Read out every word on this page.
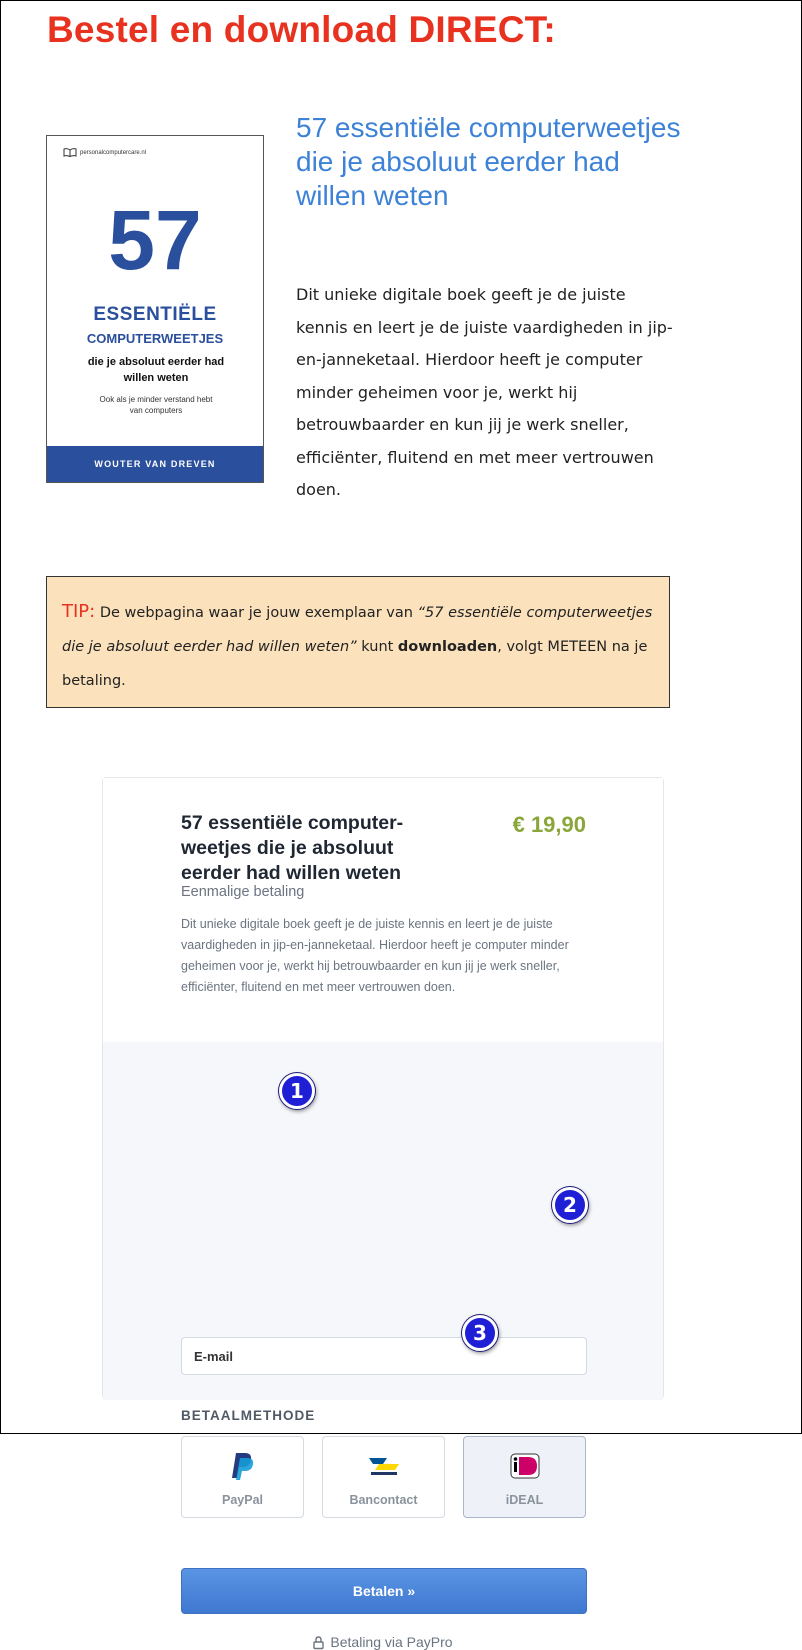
Bestel en download DIRECT:
personalcomputercare.nl
57
ESSENTIËLE
COMPUTERWEETJES
die je absoluut eerder had willen weten
Ook als je minder verstand hebt van computers
WOUTER VAN DREVEN
57 essentiële computerweetjes die je absoluut eerder had willen weten

Dit unieke digitale boek geeft je de juiste kennis en leert je de juiste vaardigheden in jip-en-janneketaal. Hierdoor heeft je computer minder geheimen voor je, werkt hij betrouwbaarder en kun jij je werk sneller, efficiënter, fluitend en met meer vertrouwen doen.

TIP: De webpagina waar je jouw exemplaar van “57 essentiële computerweetjes die je absoluut eerder had willen weten” kunt downloaden, volgt METEEN na je betaling.
57 essentiële computer-weetjes die je absoluut eerder had willen weten
€ 19,90
Eenmalige betaling

Dit unieke digitale boek geeft je de juiste kennis en leert je de juiste vaardigheden in jip-en-janneketaal. Hierdoor heeft je computer minder geheimen voor je, werkt hij betrouwbaarder en kun jij je werk sneller, efficiënter, fluitend en met meer vertrouwen doen.

E-mail
BETAALMETHODE
PayPal	Bancontact	iDEAL
Betalen »
Betaling via PayPro
1
2
3
